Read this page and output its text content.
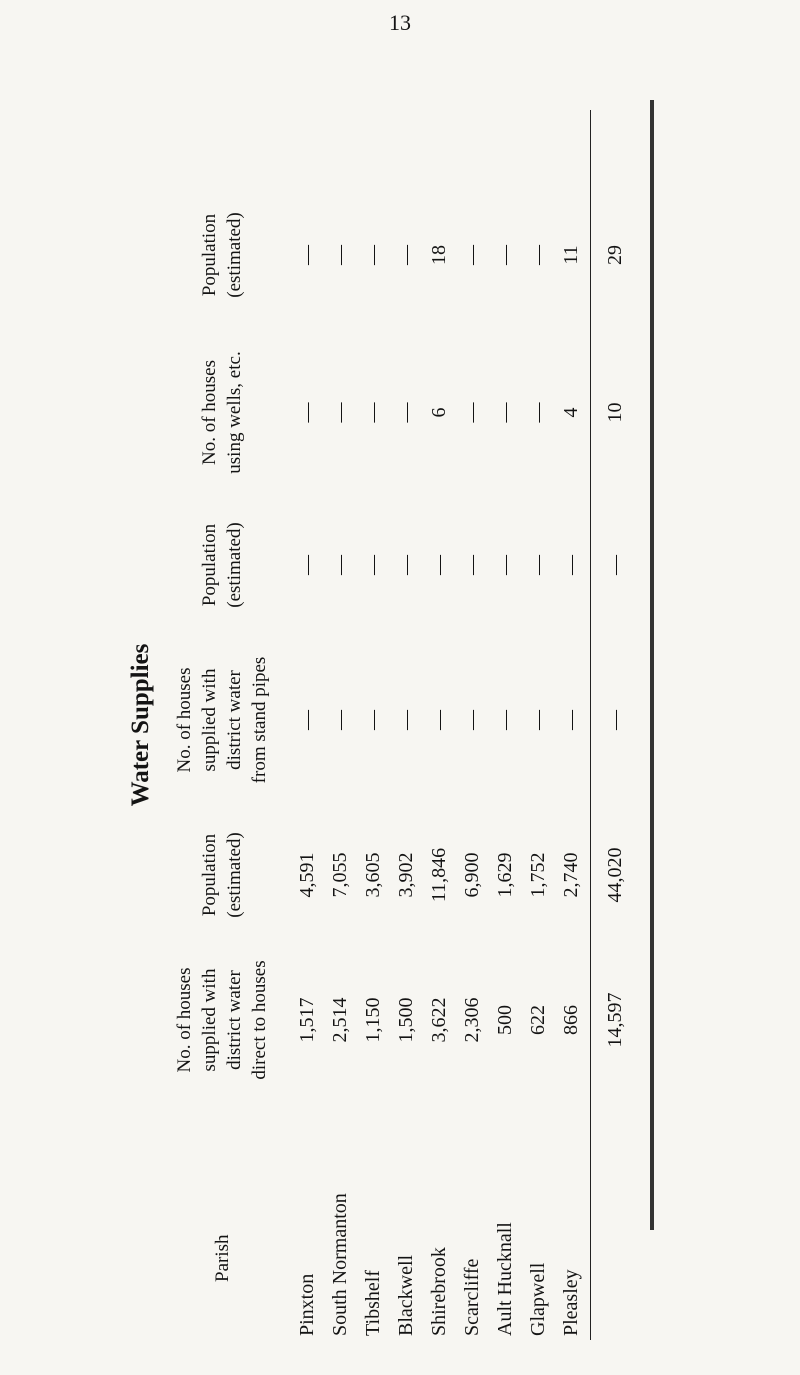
13
Water Supplies
Parish
No. of houses
supplied with
district water
direct to houses
Population
(estimated)
No. of houses
supplied with
district water
from stand pipes
Population
(estimated)
No. of houses
using wells, etc.
Population
(estimated)
Pinxton
1,517
4,591
—
—
—
—
South Normanton
2,514
7,055
—
—
—
—
Tibshelf
1,150
3,605
—
—
—
—
Blackwell
1,500
3,902
—
—
—
—
Shirebrook
3,622
11,846
—
—
6
18
Scarcliffe
2,306
6,900
—
—
—
—
Ault Hucknall
500
1,629
—
—
—
—
Glapwell
622
1,752
—
—
—
—
Pleasley
866
2,740
—
—
4
11
14,597
44,020
—
—
10
29
